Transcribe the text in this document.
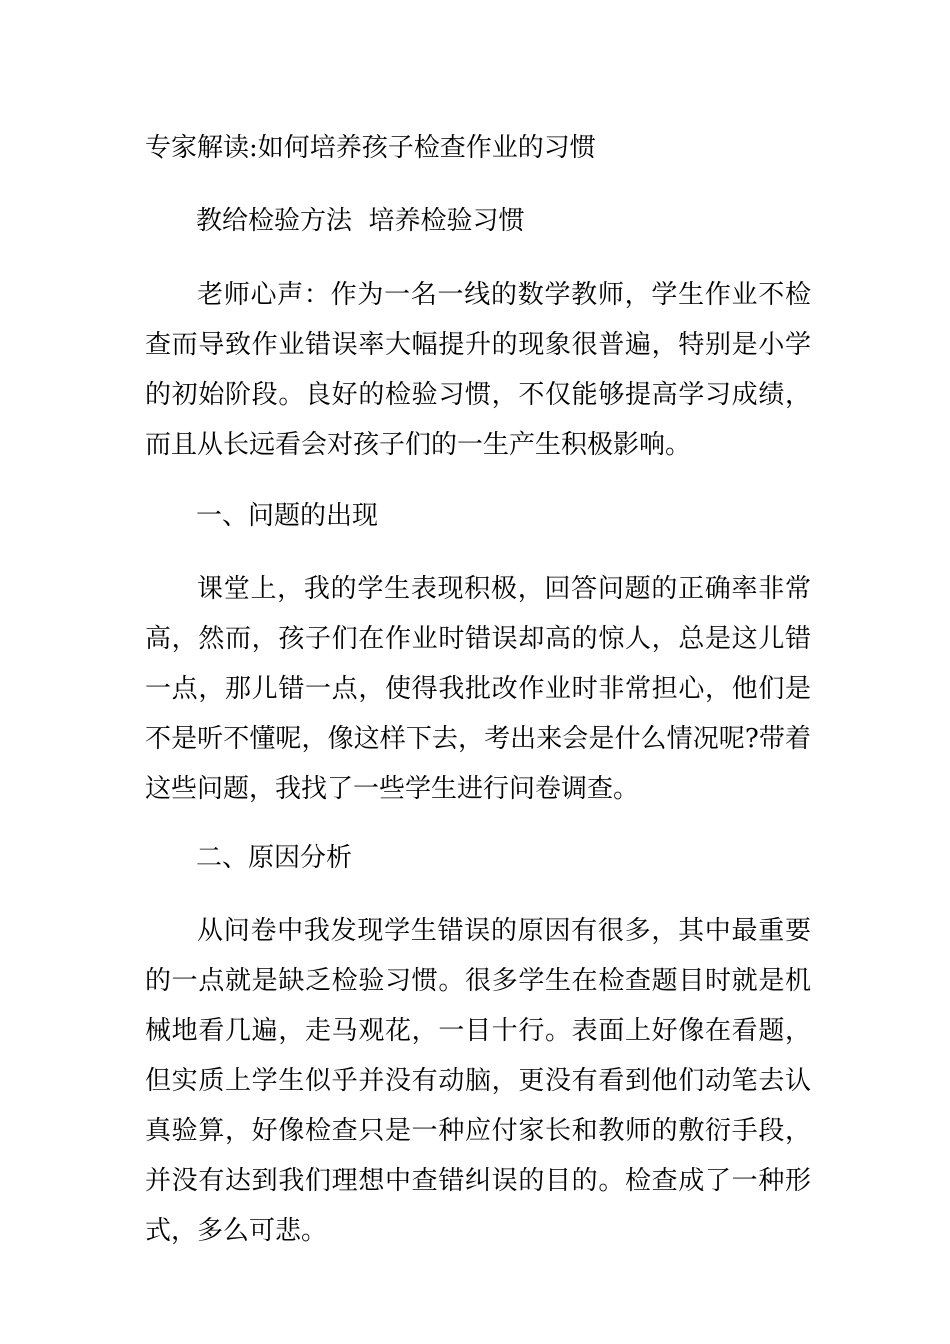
专家解读:如何培养孩子检查作业的习惯
教给检验方法  培养检验习惯
老师心声：作为一名一线的数学教师，学生作业不检查而导致作业错误率大幅提升的现象很普遍，特别是小学的初始阶段。良好的检验习惯，不仅能够提高学习成绩，而且从长远看会对孩子们的一生产生积极影响。
一、问题的出现
课堂上，我的学生表现积极，回答问题的正确率非常高，然而，孩子们在作业时错误却高的惊人，总是这儿错一点，那儿错一点，使得我批改作业时非常担心，他们是不是听不懂呢，像这样下去，考出来会是什么情况呢?带着这些问题，我找了一些学生进行问卷调查。
二、原因分析
从问卷中我发现学生错误的原因有很多，其中最重要的一点就是缺乏检验习惯。很多学生在检查题目时就是机械地看几遍，走马观花，一目十行。表面上好像在看题，但实质上学生似乎并没有动脑，更没有看到他们动笔去认真验算，好像检查只是一种应付家长和教师的敷衍手段，并没有达到我们理想中查错纠误的目的。检查成了一种形式，多么可悲。
